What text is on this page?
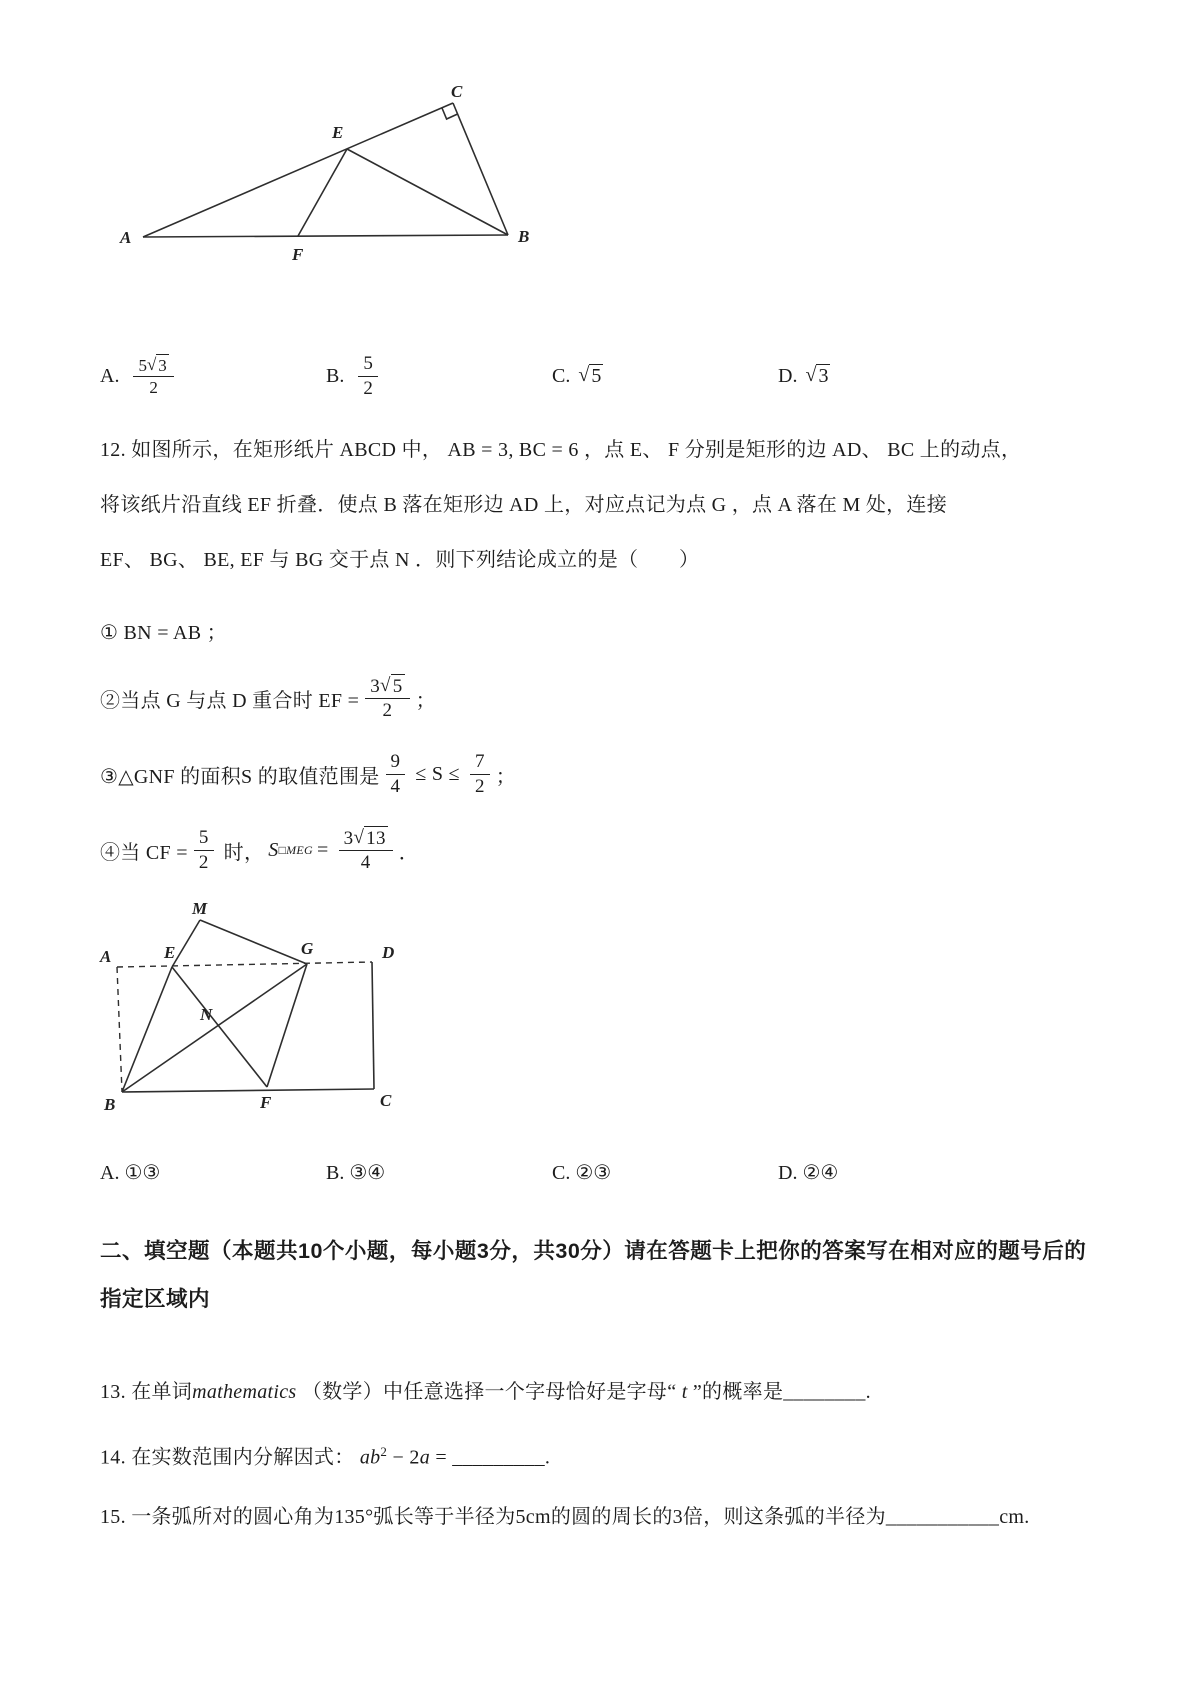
A	B
C
E
F
A. $\frac{5 √ 3}{2}$	B. $\frac{5}{2}$	C. √ 5	D. √ 3
12. 如图所示，在矩形纸片 ABCD 中， AB = 3, BC = 6 ，点 E、 F 分别是矩形的边 AD、 BC 上的动点，
将该纸片沿直线 EF 折叠．使点 B 落在矩形边 AD 上，对应点记为点 G ，点 A 落在 M 处，连接
EF、 BG、 BE, EF 与 BG 交于点 N ．则下列结论成立的是（　　）
① BN = AB ；
②当点 G 与点 D 重合时 EF = $\frac{3 √ 5}{2}$ ；
③△GNF 的面积S 的取值范围是 $\frac{9}{4} \le S \le \frac{7}{2}$ ；
④当 CF = $\frac{5}{2}$ 时， S □MEG = $\frac{3 √ 13}{4}$ ．
M
A	E	G	D
N
B	F	C
A. ①③	B. ③④	C. ②③	D. ②④
二、填空题（本题共10个小题，每小题3分，共30分）请在答题卡上把你的答案写在相对应的题号后的指定区域内
13. 在单词mathematics （数学）中任意选择一个字母恰好是字母“ t ”的概率是________.
14. 在实数范围内分解因式： $ab^2 - 2a$ = _________.
15. 一条弧所对的圆心角为135°弧长等于半径为5cm的圆的周长的3倍，则这条弧的半径为___________cm.
